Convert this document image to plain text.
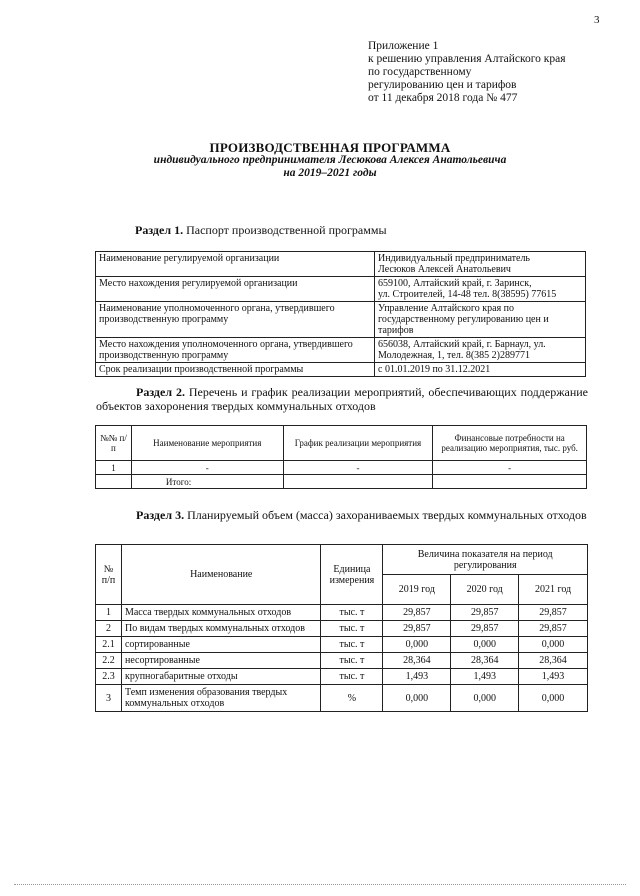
3
Приложение 1
к решению управления Алтайского края
по государственному
регулированию цен и тарифов
от 11 декабря 2018 года № 477
ПРОИЗВОДСТВЕННАЯ ПРОГРАММА
индивидуального предпринимателя Лесюкова Алексея Анатольевича
на 2019–2021 годы
Раздел 1. Паспорт производственной программы
Наименование регулируемой организации	Индивидуальный предприниматель
Лесюков Алексей Анатольевич

Место нахождения регулируемой организации	659100, Алтайский край, г. Заринск,
ул. Строителей, 14-48 тел. 8(38595) 77615

Наименование уполномоченного органа, утвердившего производственную программу	Управление Алтайского края по
государственному регулированию цен и
тарифов

Место нахождения уполномоченного органа, утвердившего производственную программу	656038, Алтайский край, г. Барнаул, ул.
Молодежная, 1, тел. 8(385 2)289771

Срок реализации производственной программы	с 01.01.2019 по 31.12.2021
Раздел 2. Перечень и график реализации мероприятий, обеспечивающих поддержание объектов захоронения твердых коммунальных отходов
№№ п/п	Наименование мероприятия	График реализации мероприятия	Финансовые потребности на реализацию мероприятия, тыс. руб.
1	-	-	-
	Итого:		
Раздел 3. Планируемый объем (масса) захораниваемых твердых коммунальных отходов
№ п/п	Наименование	Единица измерения	Величина показателя на период регулирования		
			2019 год	2020 год	2021 год
1	Масса твердых коммунальных отходов	тыс. т	29,857	29,857	29,857
2	По видам твердых коммунальных отходов	тыс. т	29,857	29,857	29,857
2.1	сортированные	тыс. т	0,000	0,000	0,000
2.2	несортированные	тыс. т	28,364	28,364	28,364
2.3	крупногабаритные отходы	тыс. т	1,493	1,493	1,493
3	Темп изменения образования твердых коммунальных отходов	%	0,000	0,000	0,000
